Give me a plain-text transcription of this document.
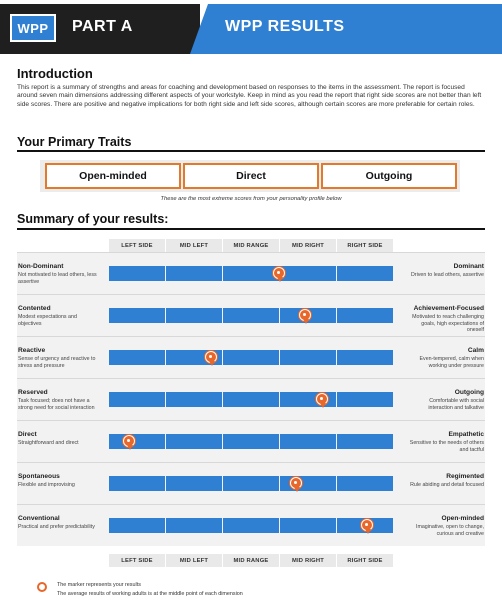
WPP	PART A	WPP RESULTS
Introduction
This report is a summary of strengths and areas for coaching and development based on responses to the items in the assessment. The report is focused around seven main dimensions addressing different aspects of your workstyle. Keep in mind as you read the report that right side scores are not better than left side scores. There are positive and negative implications for both right side and left side scores, although certain scores are more preferable for certain roles.
Your Primary Traits
Open-minded	Direct	Outgoing
These are the most extreme scores from your personality profile below
Summary of your results:
LEFT SIDE	MID LEFT	MID RANGE	MID RIGHT	RIGHT SIDE
LEFT SIDE	MID LEFT	MID RANGE	MID RIGHT	RIGHT SIDE
Non-Dominant
Not motivated to lead others, less assertive
Dominant
Driven to lead others, assertive
Contented
Modest expectations and objectives
Achievement-Focused
Motivated to reach challenging goals, high expectations of oneself
Reactive
Sense of urgency and reactive to stress and pressure
Calm
Even-tempered, calm when working under pressure
Reserved
Task focused; does not have a strong need for social interaction
Outgoing
Comfortable with social interaction and talkative
Direct
Straightforward and direct
Empathetic
Sensitive to the needs of others and tactful
Spontaneous
Flexible and improvising
Regimented
Rule abiding and detail focused
Conventional
Practical and prefer predictability
Open-minded
Imaginative, open to change, curious and creative
The marker represents your results
The average results of working adults is at the middle point of each dimension
